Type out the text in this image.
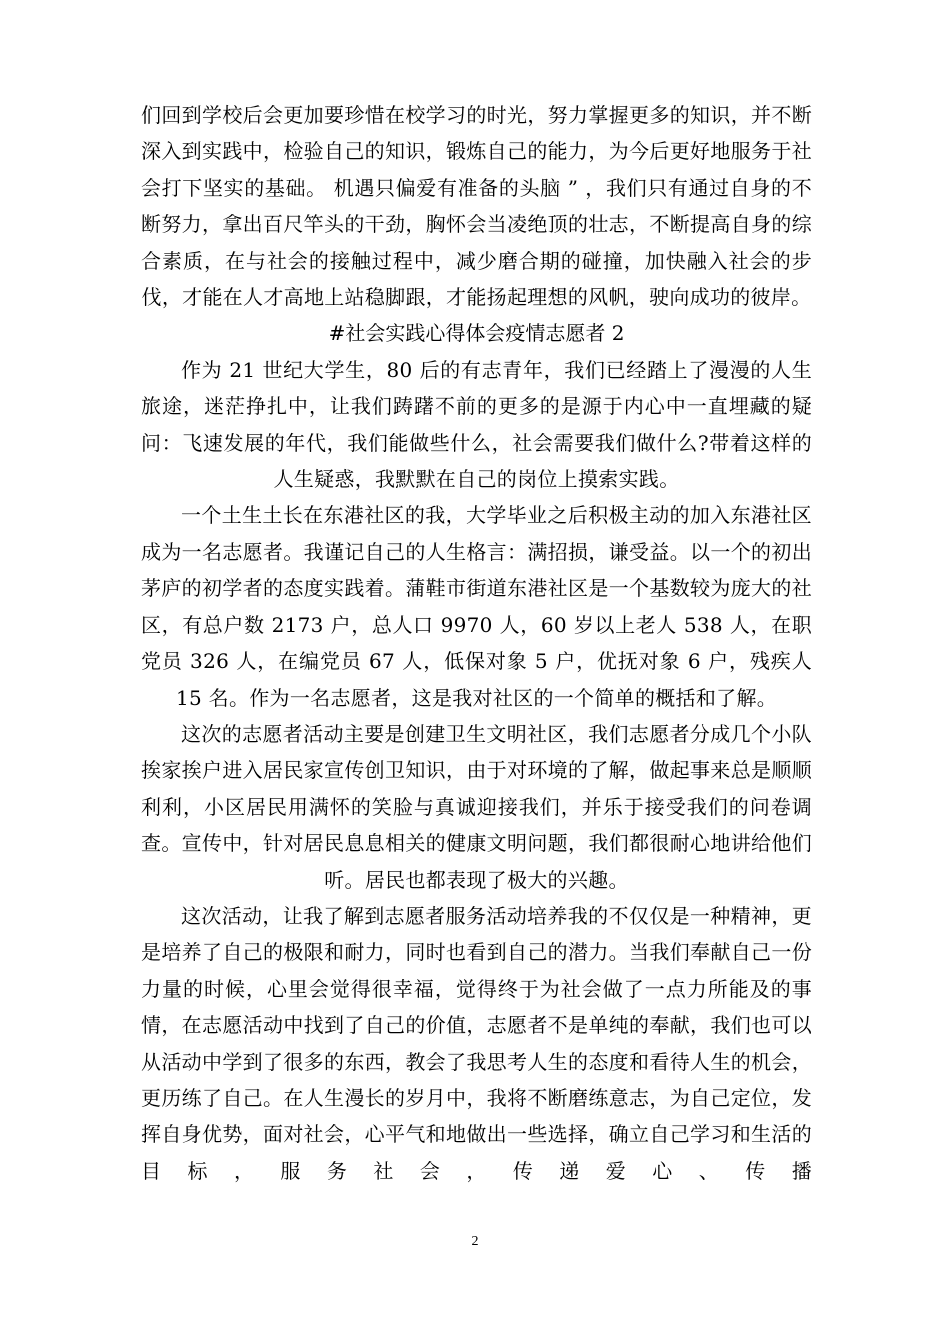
们回到学校后会更加要珍惜在校学习的时光，努力掌握更多的知识，并不断深入到实践中，检验自己的知识，锻炼自己的能力，为今后更好地服务于社会打下坚实的基础。 机遇只偏爱有准备的头脑 ” ，我们只有通过自身的不断努力，拿出百尺竿头的干劲，胸怀会当凌绝顶的壮志，不断提高自身的综合素质，在与社会的接触过程中，减少磨合期的碰撞，加快融入社会的步伐，才能在人才高地上站稳脚跟，才能扬起理想的风帆，驶向成功的彼岸。

#社会实践心得体会疫情志愿者 2

作为 21 世纪大学生，80 后的有志青年，我们已经踏上了漫漫的人生旅途，迷茫挣扎中，让我们踌躇不前的更多的是源于内心中一直埋藏的疑问：飞速发展的年代，我们能做些什么，社会需要我们做什么?带着这样的人生疑惑，我默默在自己的岗位上摸索实践。

一个土生土长在东港社区的我，大学毕业之后积极主动的加入东港社区成为一名志愿者。我谨记自己的人生格言：满招损，谦受益。以一个的初出茅庐的初学者的态度实践着。蒲鞋市街道东港社区是一个基数较为庞大的社区，有总户数 2173 户，总人口 9970 人，60 岁以上老人 538 人，在职党员 326 人，在编党员 67 人，低保对象 5 户，优抚对象 6 户，残疾人 15 名。作为一名志愿者，这是我对社区的一个简单的概括和了解。

这次的志愿者活动主要是创建卫生文明社区，我们志愿者分成几个小队挨家挨户进入居民家宣传创卫知识，由于对环境的了解，做起事来总是顺顺利利，小区居民用满怀的笑脸与真诚迎接我们，并乐于接受我们的问卷调查。宣传中，针对居民息息相关的健康文明问题，我们都很耐心地讲给他们听。居民也都表现了极大的兴趣。

这次活动，让我了解到志愿者服务活动培养我的不仅仅是一种精神，更是培养了自己的极限和耐力，同时也看到自己的潜力。当我们奉献自己一份力量的时候，心里会觉得很幸福，觉得终于为社会做了一点力所能及的事情，在志愿活动中找到了自己的价值，志愿者不是单纯的奉献，我们也可以从活动中学到了很多的东西，教会了我思考人生的态度和看待人生的机会，更历练了自己。在人生漫长的岁月中，我将不断磨练意志，为自己定位，发挥自身优势，面对社会，心平气和地做出一些选择，确立自己学习和生活的目标，服务社会，传递爱心、传播

2
